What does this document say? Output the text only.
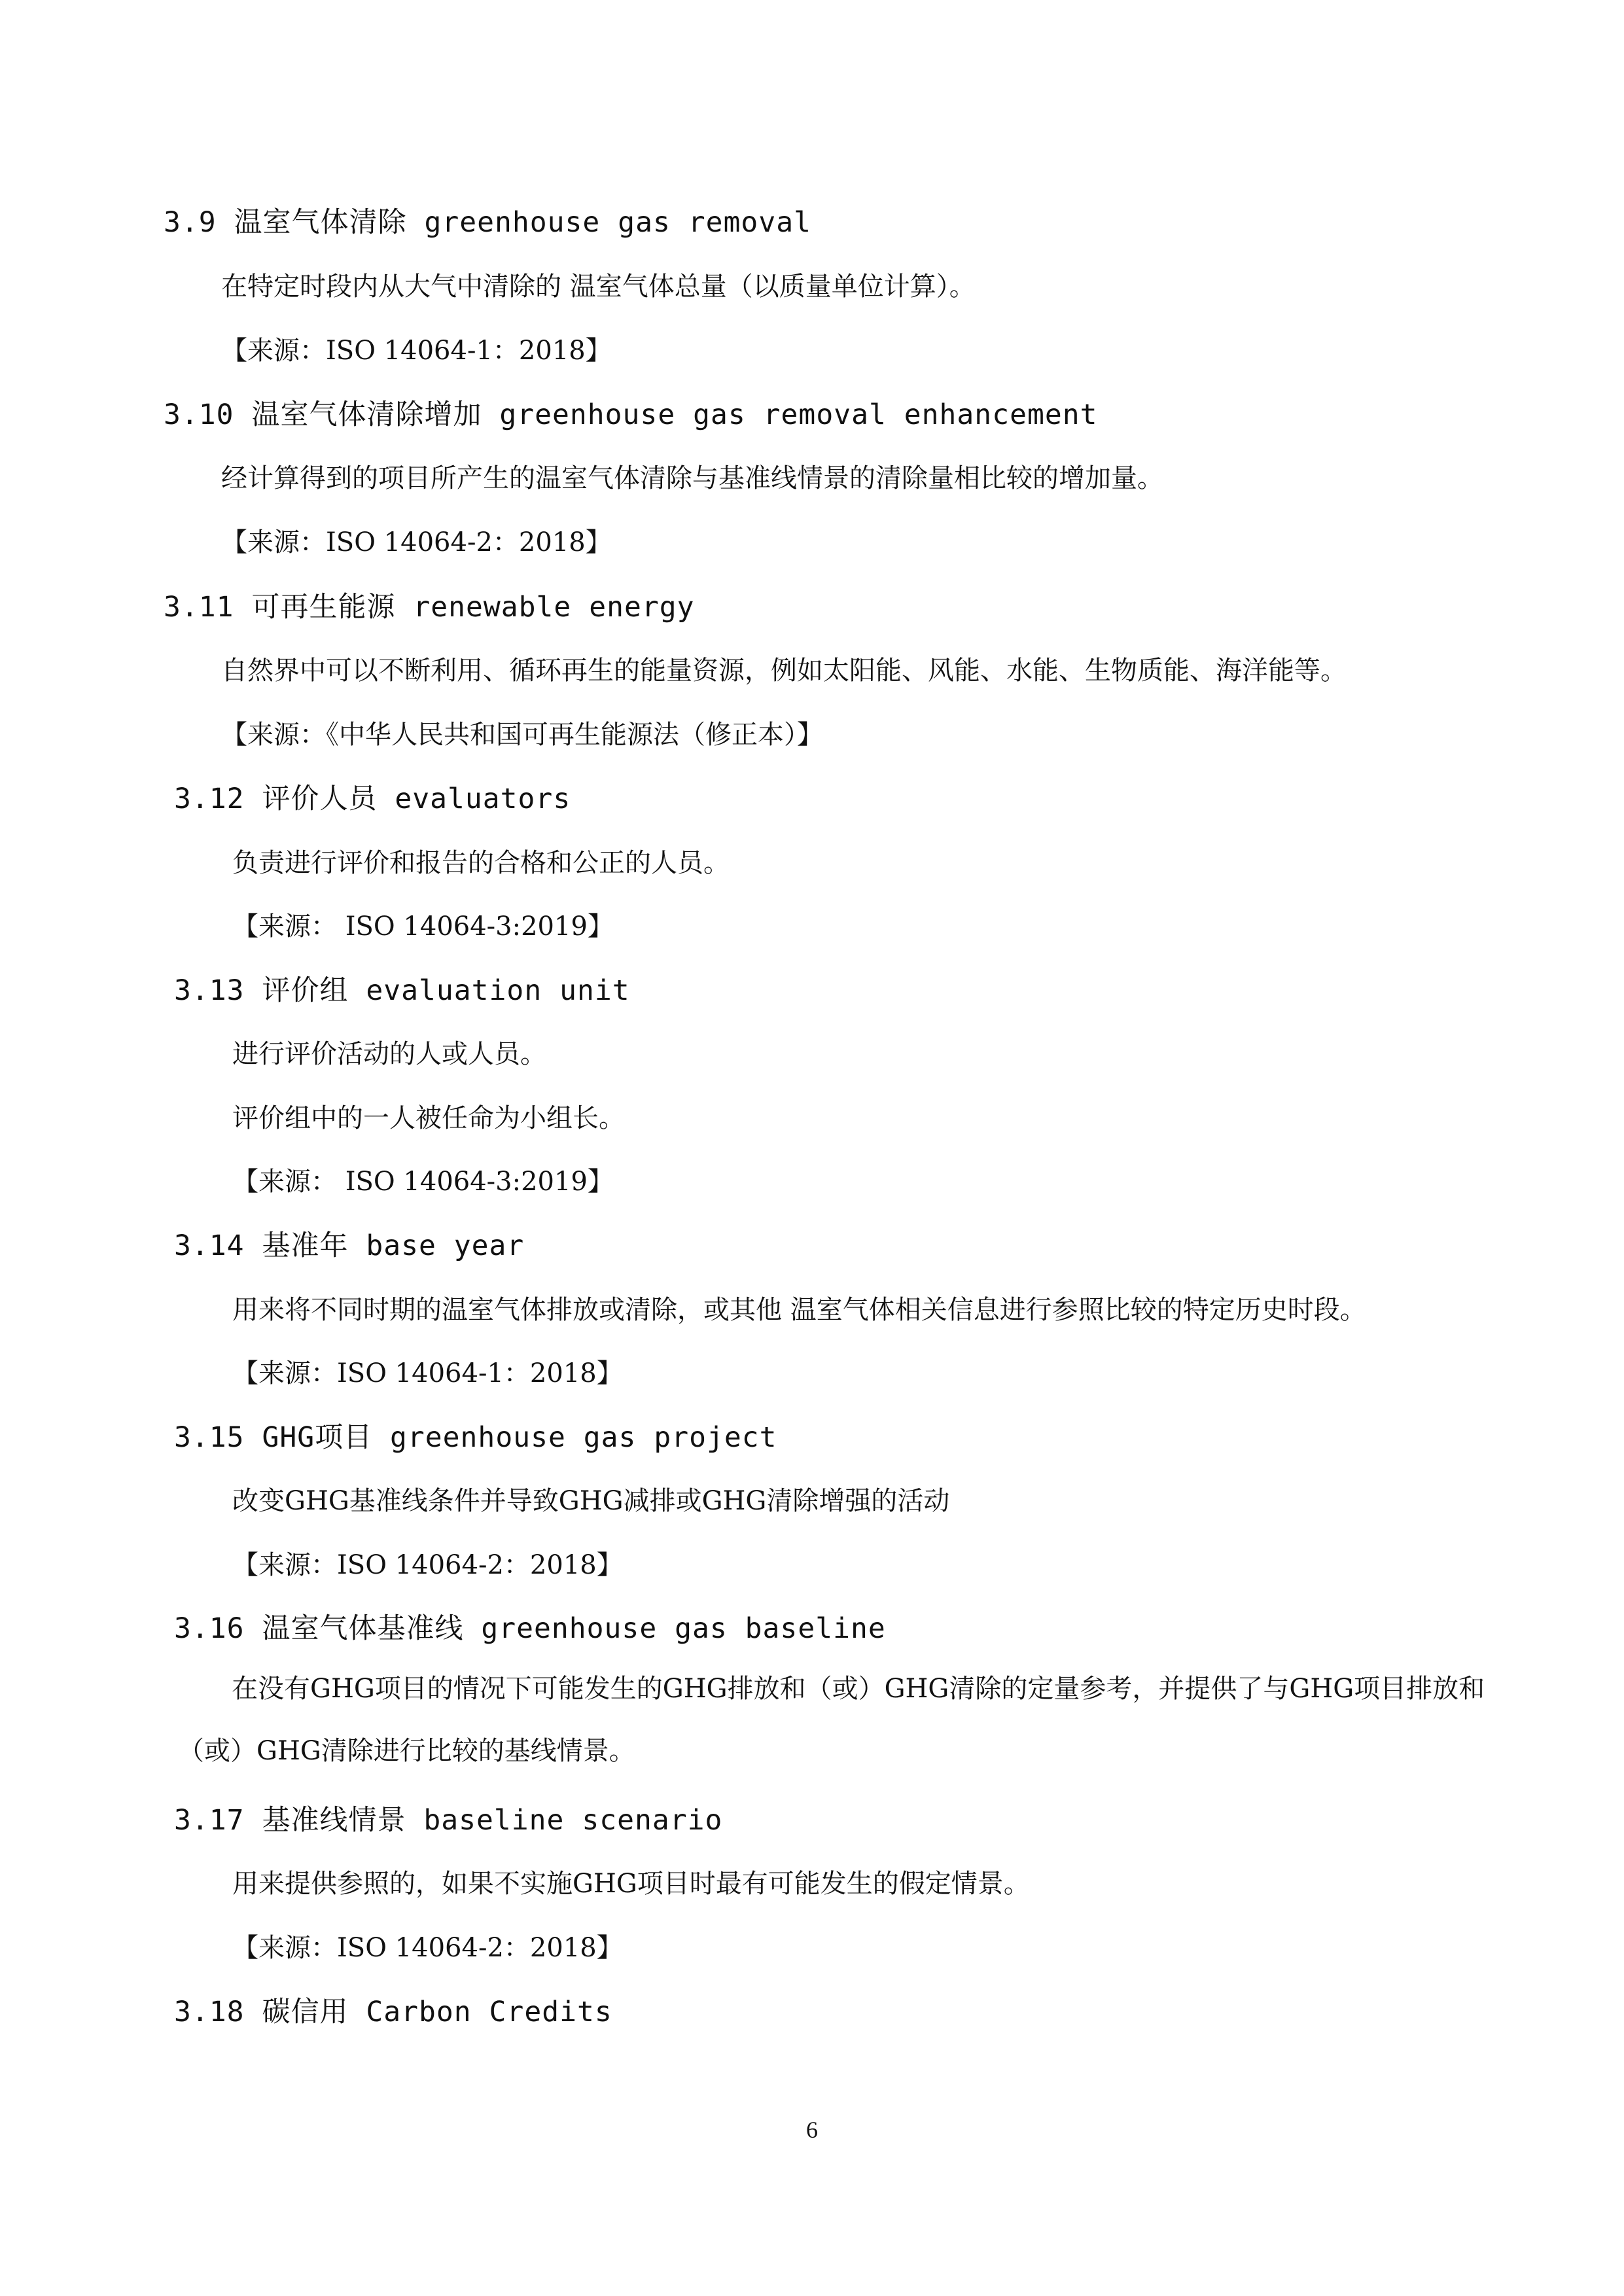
3.9 温室气体清除 greenhouse gas removal
在特定时段内从大气中清除的 温室气体总量（以质量单位计算）。
【来源：ISO 14064-1：2018】
3.10 温室气体清除增加 greenhouse gas removal enhancement
经计算得到的项目所产生的温室气体清除与基准线情景的清除量相比较的增加量。
【来源：ISO 14064-2：2018】
3.11 可再生能源 renewable energy
自然界中可以不断利用、循环再生的能量资源，例如太阳能、风能、水能、生物质能、海洋能等。
【来源：《中华人民共和国可再生能源法（修正本）】
3.12 评价人员 evaluators
负责进行评价和报告的合格和公正的人员。
【来源： ISO 14064-3:2019】
3.13 评价组 evaluation unit
进行评价活动的人或人员。
评价组中的一人被任命为小组长。
【来源： ISO 14064-3:2019】
3.14 基准年 base year
用来将不同时期的温室气体排放或清除，或其他 温室气体相关信息进行参照比较的特定历史时段。
【来源：ISO 14064-1：2018】
3.15 GHG项目 greenhouse gas project
改变GHG基准线条件并导致GHG减排或GHG清除增强的活动
【来源：ISO 14064-2：2018】
3.16 温室气体基准线 greenhouse gas baseline
在没有GHG项目的情况下可能发生的GHG排放和（或）GHG清除的定量参考，并提供了与GHG项目排放和（或）GHG清除进行比较的基线情景。
3.17 基准线情景 baseline scenario
用来提供参照的，如果不实施GHG项目时最有可能发生的假定情景。
【来源：ISO 14064-2：2018】
3.18 碳信用 Carbon Credits
6
